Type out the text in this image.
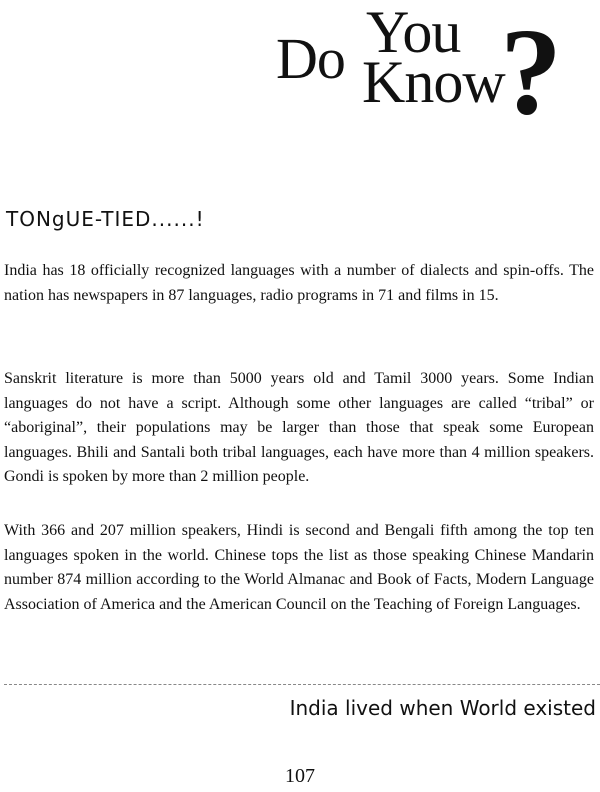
Do You
Know
?
TONgUE-TIED......!

India has 18 officially recognized languages with a number of dialects and spin-offs. The nation has newspapers in 87 languages, radio programs in 71 and films in 15.

Sanskrit literature is more than 5000 years old and Tamil 3000 years. Some Indian languages do not have a script. Although some other languages are called “tribal” or “aboriginal”, their populations may be larger than those that speak some European languages. Bhili and Santali both tribal languages, each have more than 4 million speakers. Gondi is spoken by more than 2 million people.

With 366 and 207 million speakers, Hindi is second and Bengali fifth among the top ten languages spoken in the world. Chinese tops the list as those speaking Chinese Mandarin number 874 million according to the World Almanac and Book of Facts, Modern Language Association of America and the American Council on the Teaching of Foreign Languages.

India lived when World existed
107
